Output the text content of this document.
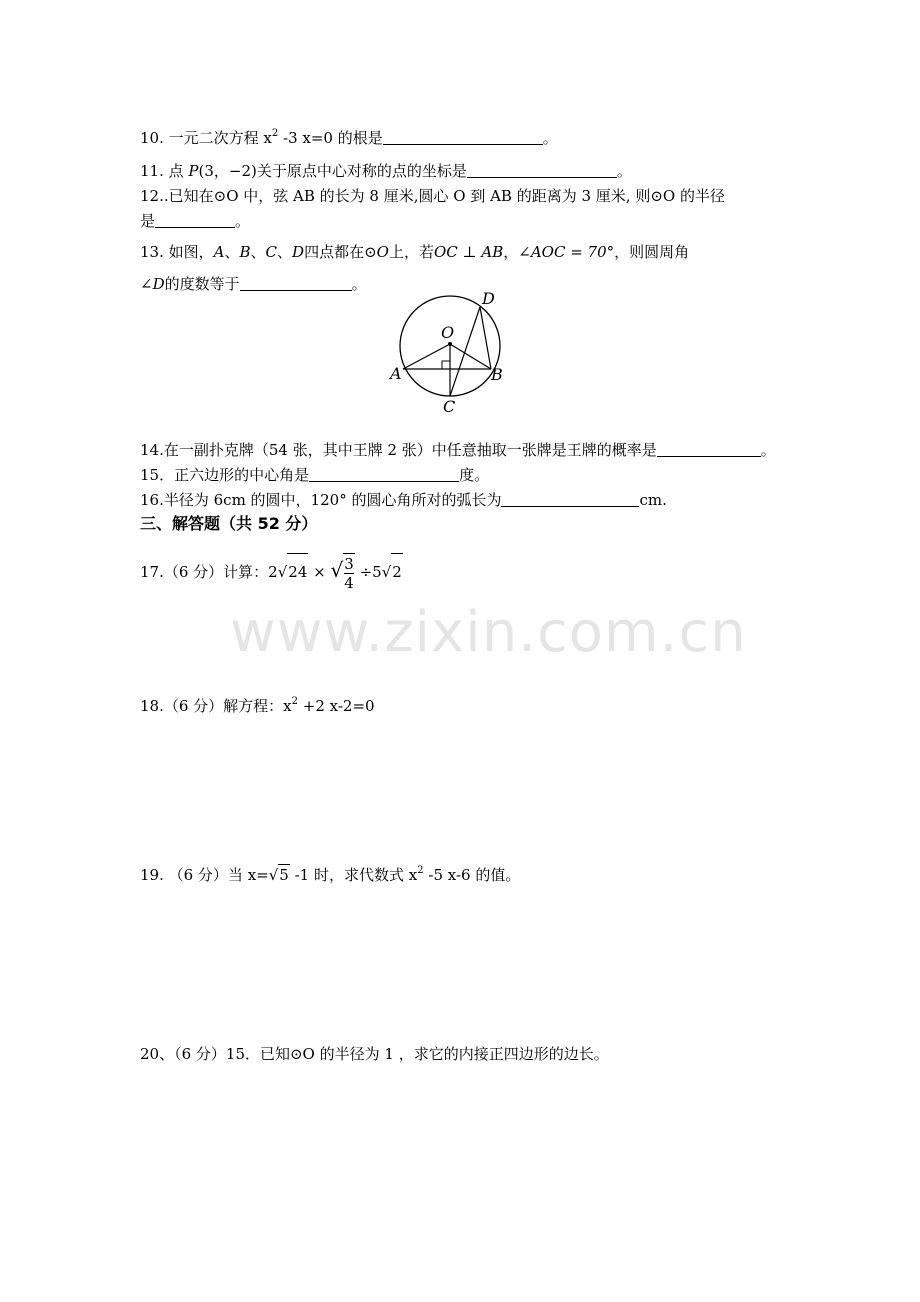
10. 一元二次方程 $x^2$ -3 x=0 的根是	。
11. 点 P(3，−2)关于原点中心对称的点的坐标是	。
12..已知在⊙O 中，弦 AB 的长为 8 厘米,圆心 O 到 AB 的距离为 3 厘米, 则⊙O 的半径
是	。
13. 如图，A、B、C、D四点都在⊙O上，若OC ⊥ AB，∠AOC = 70°，则圆周角
∠D的度数等于	。
D
O
A	B
C
14.在一副扑克牌（54 张，其中王牌 2 张）中任意抽取一张牌是王牌的概率是	。
15．正六边形的中心角是	度。
16.半径为 6cm 的圆中，120° 的圆心角所对的弧长为	cm.
三、解答题（共 52 分）
17.（6 分）计算：2√24 × √ $\frac{3}{4} \div 5√2$
www.zixin.com.cn
18.（6 分）解方程：$x^2 +2$ x-2=0
19. （6 分）当 x=√5 -1 时，求代数式 $x^2$ -5 x-6 的值。
20、（6 分）15．已知⊙O 的半径为 1 ，求它的内接正四边形的边长。
